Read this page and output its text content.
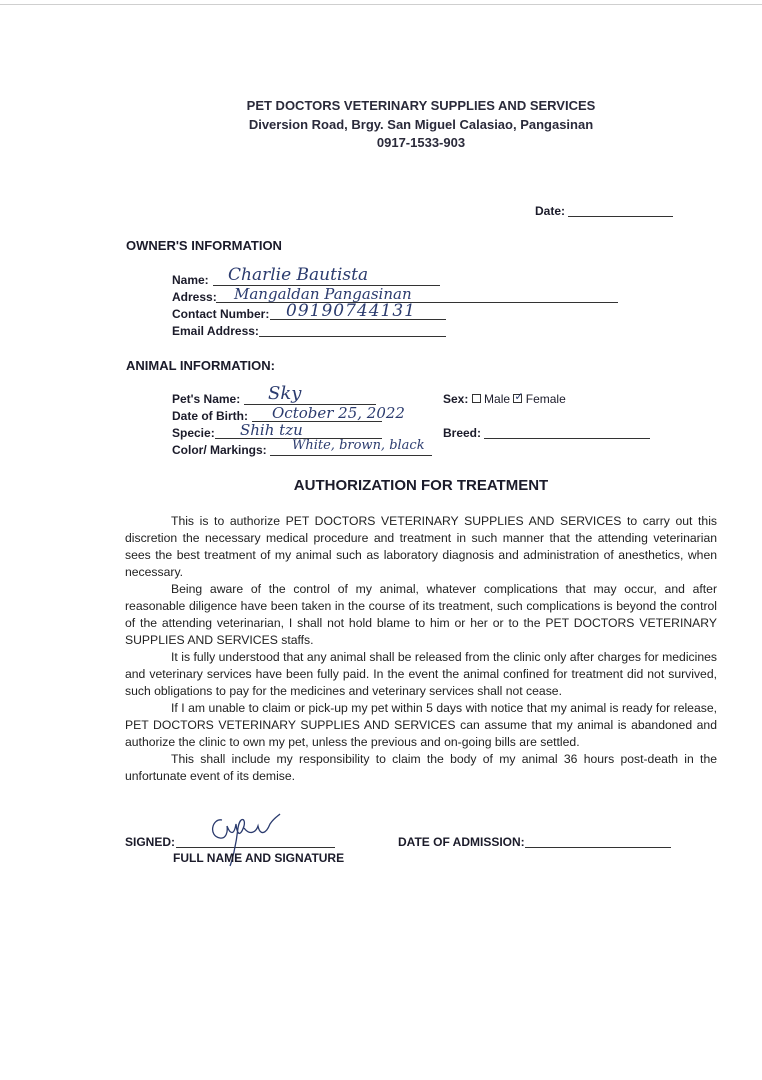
PET DOCTORS VETERINARY SUPPLIES AND SERVICES
Diversion Road, Brgy. San Miguel Calasiao, Pangasinan
0917-1533-903
Date:
OWNER'S INFORMATION
Name: Charlie Bautista
Adress: Mangaldan Pangasinan
Contact Number: 09190744131
Email Address:
ANIMAL INFORMATION:
Pet's Name: Sky
Date of Birth: October 25, 2022
Specie: Shih tzu
Color/ Markings: White, brown, black
Sex: Male ✓ Female
Breed:
AUTHORIZATION FOR TREATMENT

This is to authorize PET DOCTORS VETERINARY SUPPLIES AND SERVICES to carry out this discretion the necessary medical procedure and treatment in such manner that the attending veterinarian sees the best treatment of my animal such as laboratory diagnosis and administration of anesthetics, when necessary.

Being aware of the control of my animal, whatever complications that may occur, and after reasonable diligence have been taken in the course of its treatment, such complications is beyond the control of the attending veterinarian, I shall not hold blame to him or her or to the PET DOCTORS VETERINARY SUPPLIES AND SERVICES staffs.

It is fully understood that any animal shall be released from the clinic only after charges for medicines and veterinary services have been fully paid. In the event the animal confined for treatment did not survived, such obligations to pay for the medicines and veterinary services shall not cease.

If I am unable to claim or pick-up my pet within 5 days with notice that my animal is ready for release, PET DOCTORS VETERINARY SUPPLIES AND SERVICES can assume that my animal is abandoned and authorize the clinic to own my pet, unless the previous and on-going bills are settled.

This shall include my responsibility to claim the body of my animal 36 hours post-death in the unfortunate event of its demise.

SIGNED:
FULL NAME AND SIGNATURE
DATE OF ADMISSION:
